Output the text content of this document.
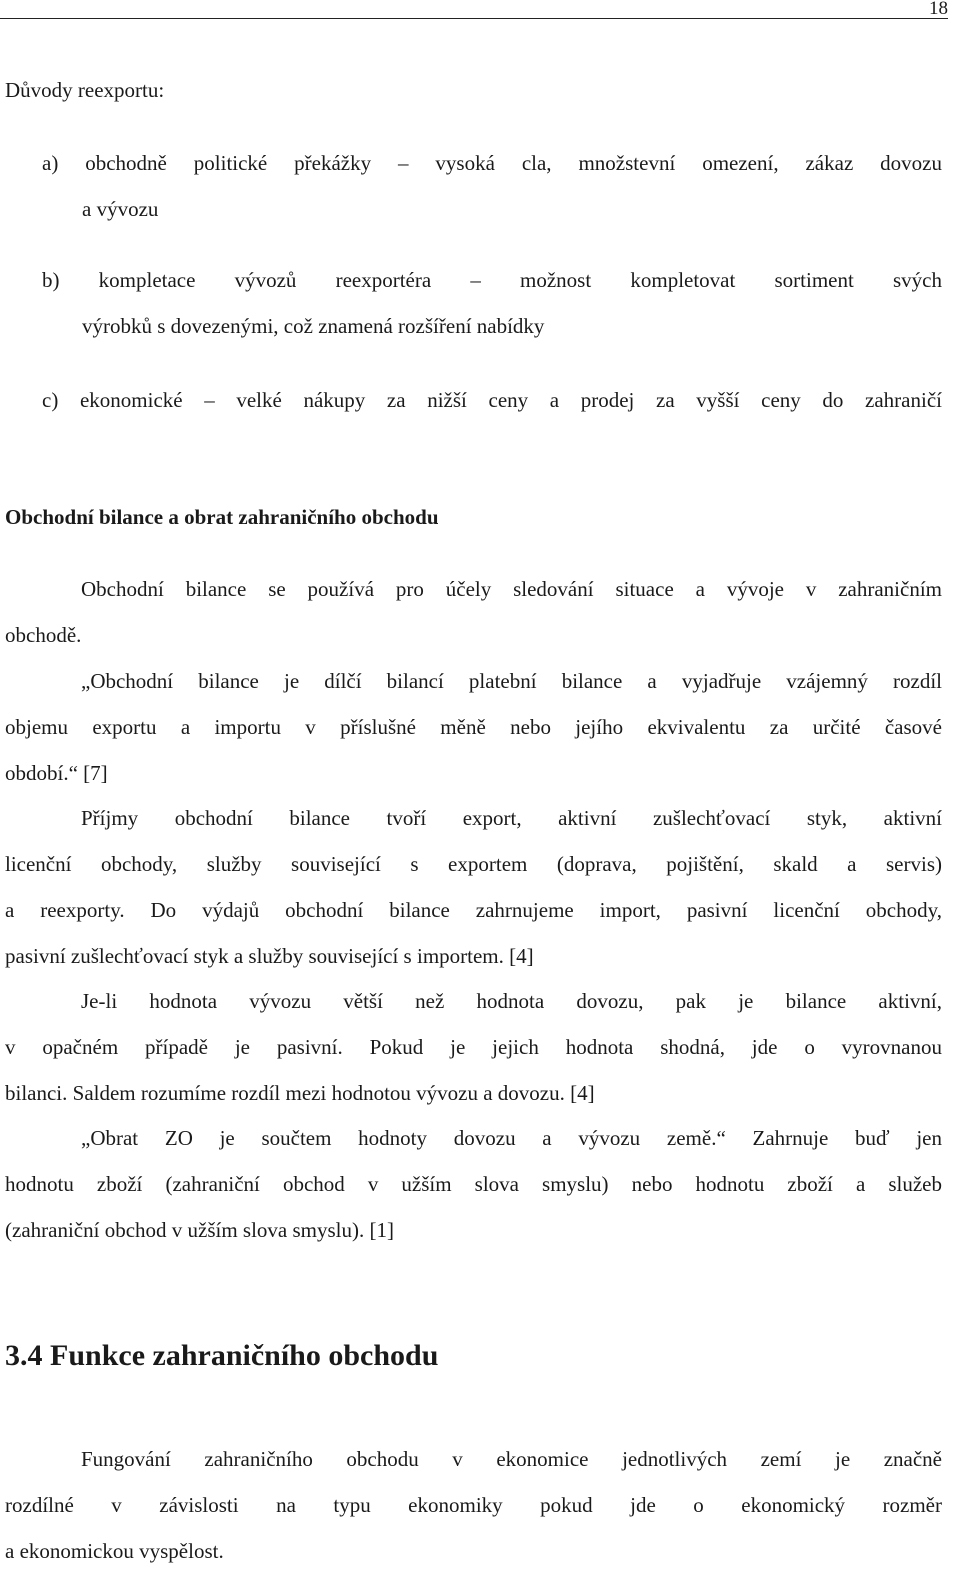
18
Důvody reexportu:
a) obchodně politické překážky – vysoká cla, množstevní omezení, zákaz dovozu
a vývozu
b) kompletace vývozů reexportéra – možnost kompletovat sortiment svých
výrobků s dovezenými, což znamená rozšíření nabídky
c) ekonomické – velké nákupy za nižší ceny a prodej za vyšší ceny do zahraničí
Obchodní bilance a obrat zahraničního obchodu
Obchodní bilance se používá pro účely sledování situace a vývoje v zahraničním
obchodě.
„Obchodní bilance je dílčí bilancí platební bilance a vyjadřuje vzájemný rozdíl
objemu exportu a importu v příslušné měně nebo jejího ekvivalentu za určité časové
období.“ [7]
Příjmy obchodní bilance tvoří export, aktivní zušlechťovací styk, aktivní
licenční obchody, služby související s exportem (doprava, pojištění, skald a servis)
a reexporty. Do výdajů obchodní bilance zahrnujeme import, pasivní licenční obchody,
pasivní zušlechťovací styk a služby související s importem. [4]
Je-li hodnota vývozu větší než hodnota dovozu, pak je bilance aktivní,
v opačném případě je pasivní. Pokud je jejich hodnota shodná, jde o vyrovnanou
bilanci. Saldem rozumíme rozdíl mezi hodnotou vývozu a dovozu. [4]
„Obrat ZO je součtem hodnoty dovozu a vývozu země.“ Zahrnuje buď jen
hodnotu zboží (zahraniční obchod v užším slova smyslu) nebo hodnotu zboží a služeb
(zahraniční obchod v užším slova smyslu). [1]
3.4 Funkce zahraničního obchodu
Fungování zahraničního obchodu v ekonomice jednotlivých zemí je značně
rozdílné v závislosti na typu ekonomiky pokud jde o ekonomický rozměr
a ekonomickou vyspělost.
